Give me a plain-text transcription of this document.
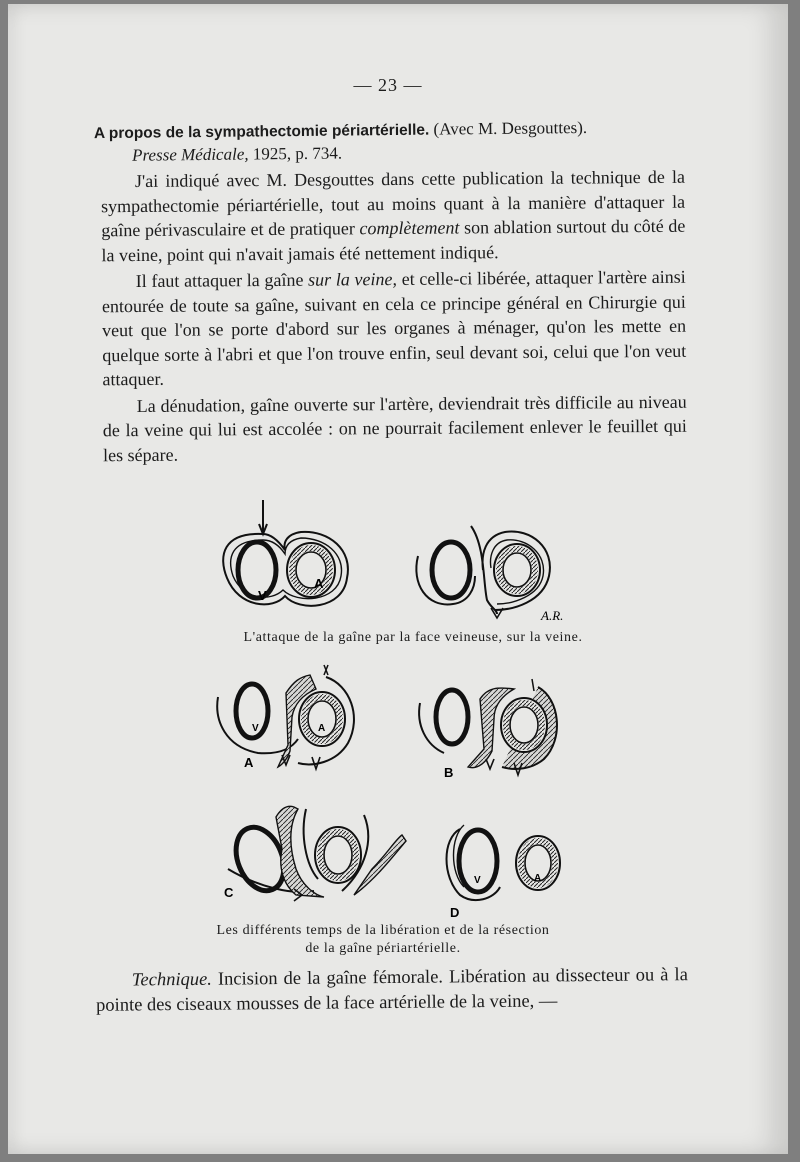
— 23 —
A propos de la sympathectomie périartérielle. (Avec M. Desgouttes).
Presse Médicale, 1925, p. 734.

J'ai indiqué avec M. Desgouttes dans cette publication la technique de la sympathectomie périartérielle, tout au moins quant à la manière d'attaquer la gaîne périvasculaire et de pratiquer complètement son ablation surtout du côté de la veine, point qui n'avait jamais été nettement indiqué.

Il faut attaquer la gaîne sur la veine, et celle-ci libérée, attaquer l'artère ainsi entourée de toute sa gaîne, suivant en cela ce principe général en Chirurgie qui veut que l'on se porte d'abord sur les organes à ménager, qu'on les mette en quelque sorte à l'abri et que l'on trouve enfin, seul devant soi, celui que l'on veut attaquer.

La dénudation, gaîne ouverte sur l'artère, deviendrait très difficile au niveau de la veine qui lui est accolée : on ne pourrait facilement enlever le feuillet qui les sépare.

V
A
A.R.
L'attaque de la gaîne par la face veineuse, sur la veine.
V	A
A
B
C
V	A
D
Les différents temps de la libération et de la résection
de la gaîne périartérielle.

Technique. Incision de la gaîne fémorale. Libération au dissecteur ou à la pointe des ciseaux mousses de la face artérielle de la veine, —
